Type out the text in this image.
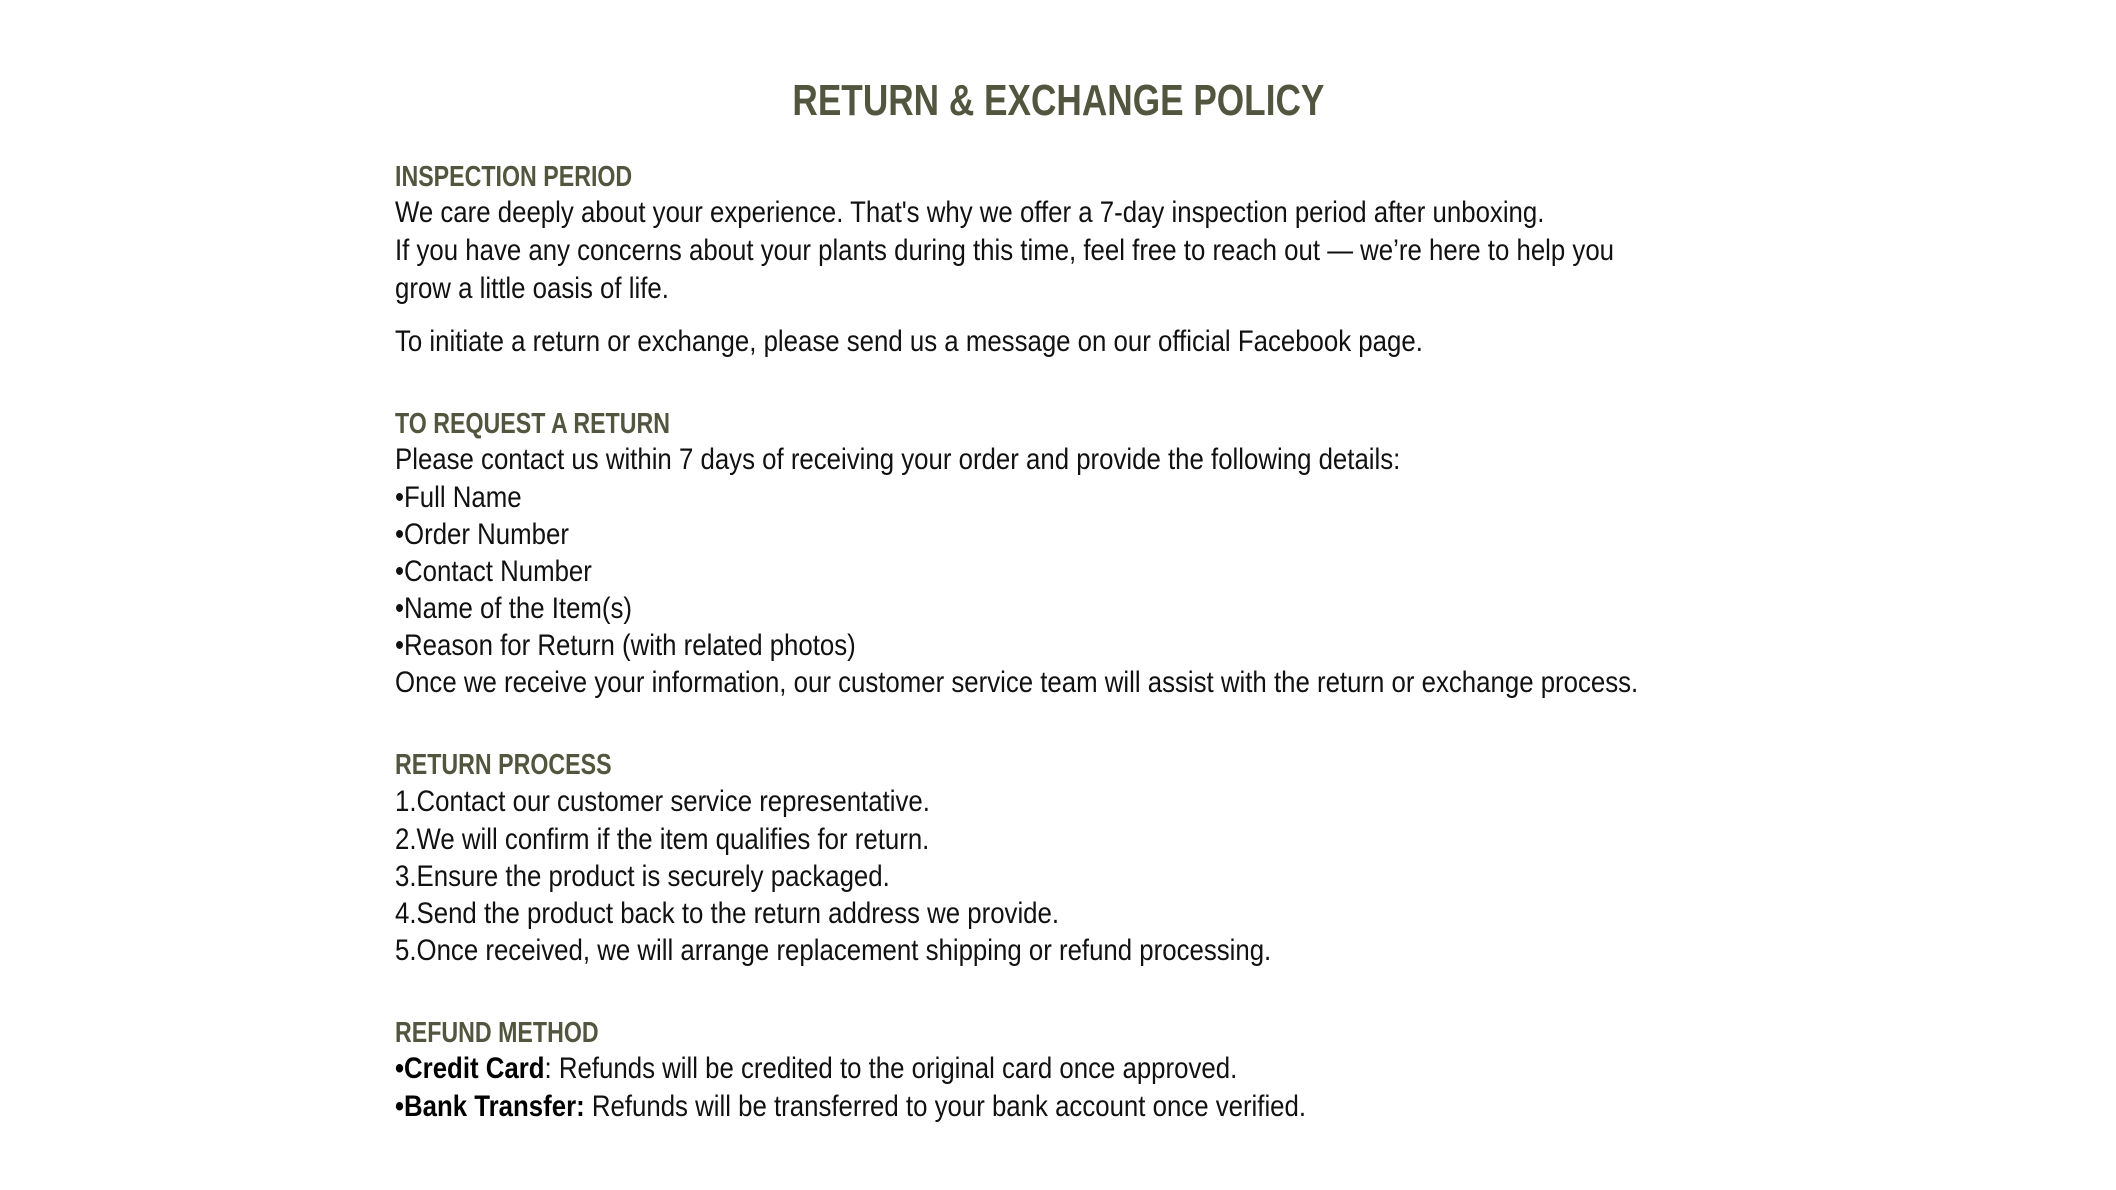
RETURN & EXCHANGE POLICY
INSPECTION PERIOD
We care deeply about your experience. That's why we offer a 7-day inspection period after unboxing.
If you have any concerns about your plants during this time, feel free to reach out — we’re here to help you
grow a little oasis of life.
To initiate a return or exchange, please send us a message on our official Facebook page.
TO REQUEST A RETURN
Please contact us within 7 days of receiving your order and provide the following details:
•Full Name
•Order Number
•Contact Number
•Name of the Item(s)
•Reason for Return (with related photos)
Once we receive your information, our customer service team will assist with the return or exchange process.
RETURN PROCESS
1.Contact our customer service representative.
2.We will confirm if the item qualifies for return.
3.Ensure the product is securely packaged.
4.Send the product back to the return address we provide.
5.Once received, we will arrange replacement shipping or refund processing.
REFUND METHOD
•Credit Card: Refunds will be credited to the original card once approved.
•Bank Transfer: Refunds will be transferred to your bank account once verified.
